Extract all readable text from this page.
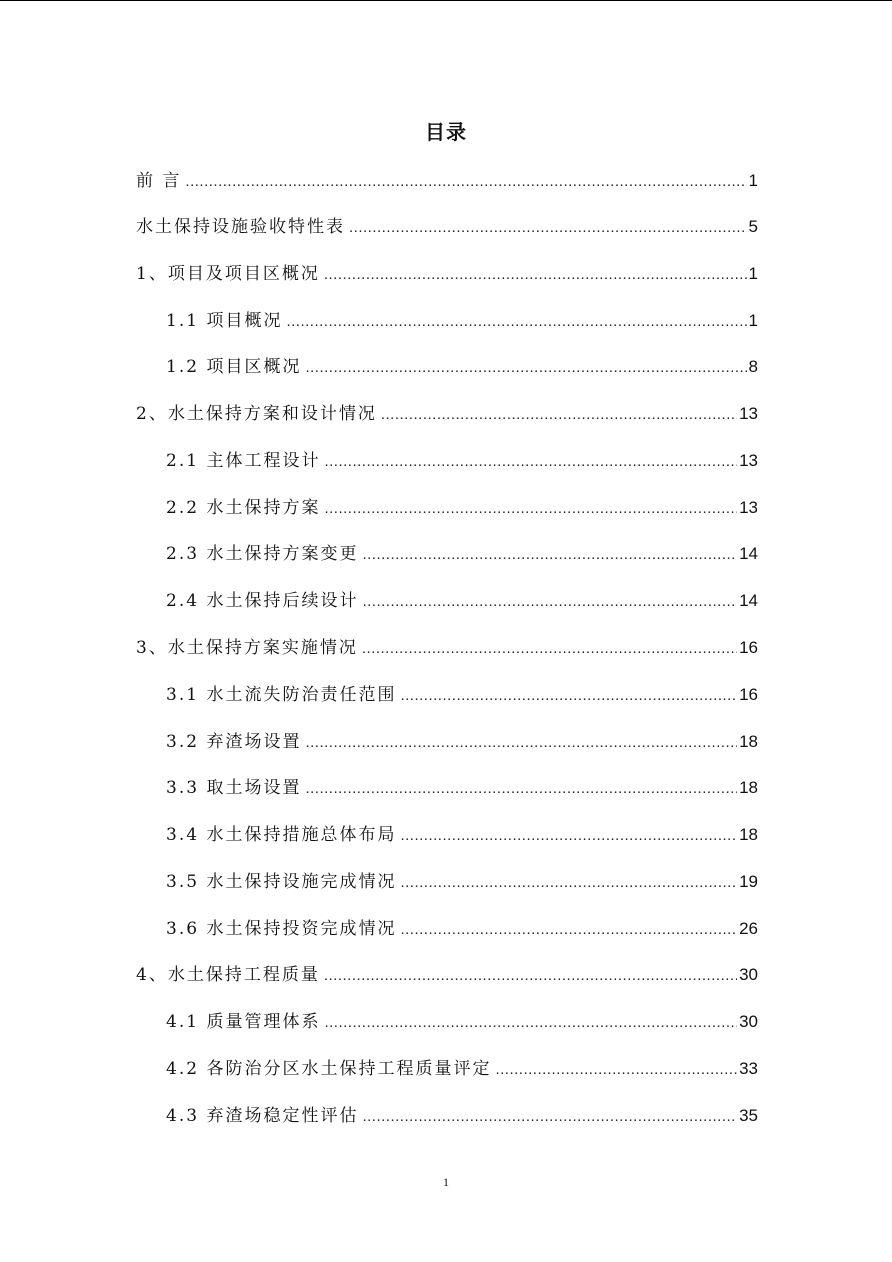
目录
前 言 .....	1
水土保持设施验收特性表 .....	5
1、项目及项目区概况 .....	1
1.1 项目概况 .....	1
1.2 项目区概况 .....	8
2、水土保持方案和设计情况 .....	13
2.1 主体工程设计 .....	13
2.2 水土保持方案 .....	13
2.3 水土保持方案变更 .....	14
2.4 水土保持后续设计 .....	14
3、水土保持方案实施情况 .....	16
3.1 水土流失防治责任范围 .....	16
3.2 弃渣场设置 .....	18
3.3 取土场设置 .....	18
3.4 水土保持措施总体布局 .....	18
3.5 水土保持设施完成情况 .....	19
3.6 水土保持投资完成情况 .....	26
4、水土保持工程质量 .....	30
4.1 质量管理体系 .....	30
4.2 各防治分区水土保持工程质量评定 .....	33
4.3 弃渣场稳定性评估 .....	35
1
